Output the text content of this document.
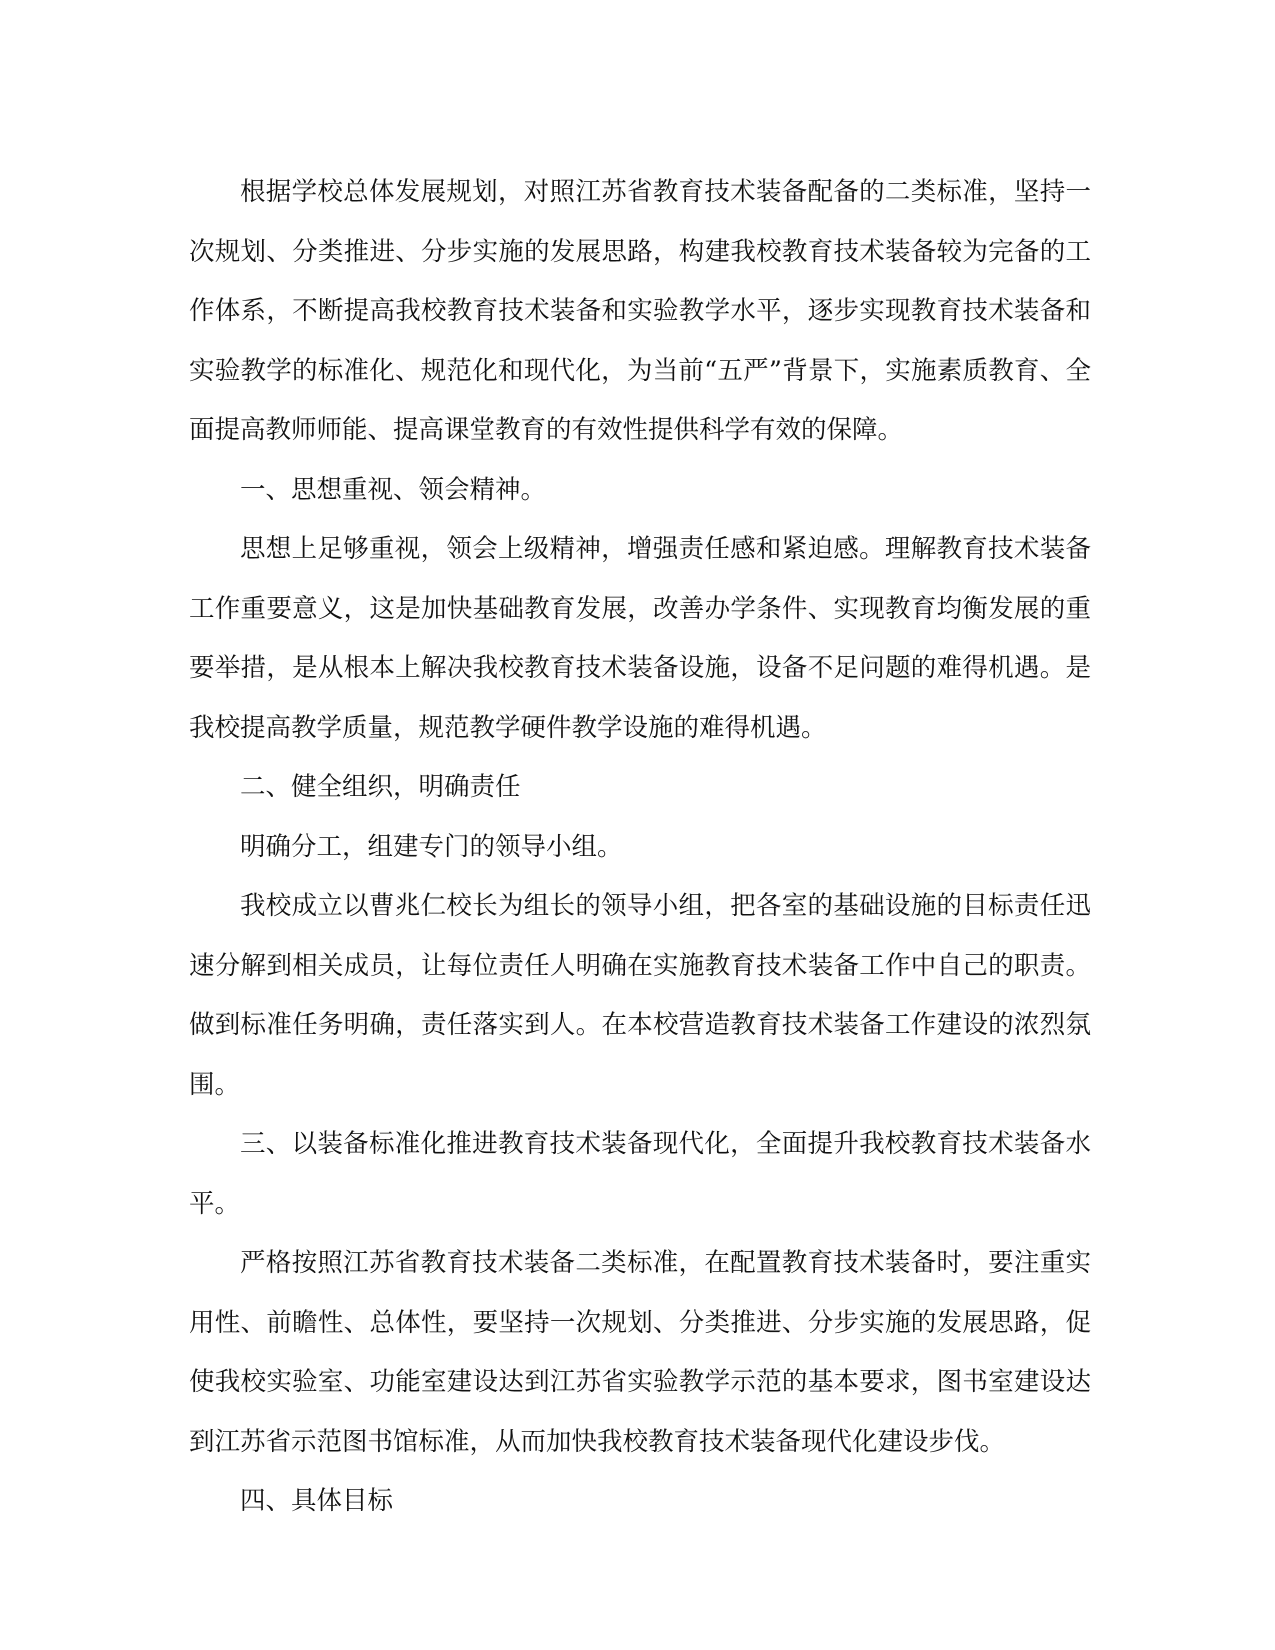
根据学校总体发展规划，对照江苏省教育技术装备配备的二类标准，坚持一次规划、分类推进、分步实施的发展思路，构建我校教育技术装备较为完备的工作体系，不断提高我校教育技术装备和实验教学水平，逐步实现教育技术装备和实验教学的标准化、规范化和现代化，为当前“五严”背景下，实施素质教育、全面提高教师师能、提高课堂教育的有效性提供科学有效的保障。

一、思想重视、领会精神。

思想上足够重视，领会上级精神，增强责任感和紧迫感。理解教育技术装备工作重要意义，这是加快基础教育发展，改善办学条件、实现教育均衡发展的重要举措，是从根本上解决我校教育技术装备设施，设备不足问题的难得机遇。是我校提高教学质量，规范教学硬件教学设施的难得机遇。

二、健全组织，明确责任

明确分工，组建专门的领导小组。

我校成立以曹兆仁校长为组长的领导小组，把各室的基础设施的目标责任迅速分解到相关成员，让每位责任人明确在实施教育技术装备工作中自己的职责。做到标准任务明确，责任落实到人。在本校营造教育技术装备工作建设的浓烈氛围。

三、以装备标准化推进教育技术装备现代化，全面提升我校教育技术装备水平。

严格按照江苏省教育技术装备二类标准，在配置教育技术装备时，要注重实用性、前瞻性、总体性，要坚持一次规划、分类推进、分步实施的发展思路，促使我校实验室、功能室建设达到江苏省实验教学示范的基本要求，图书室建设达到江苏省示范图书馆标准，从而加快我校教育技术装备现代化建设步伐。

四、具体目标
